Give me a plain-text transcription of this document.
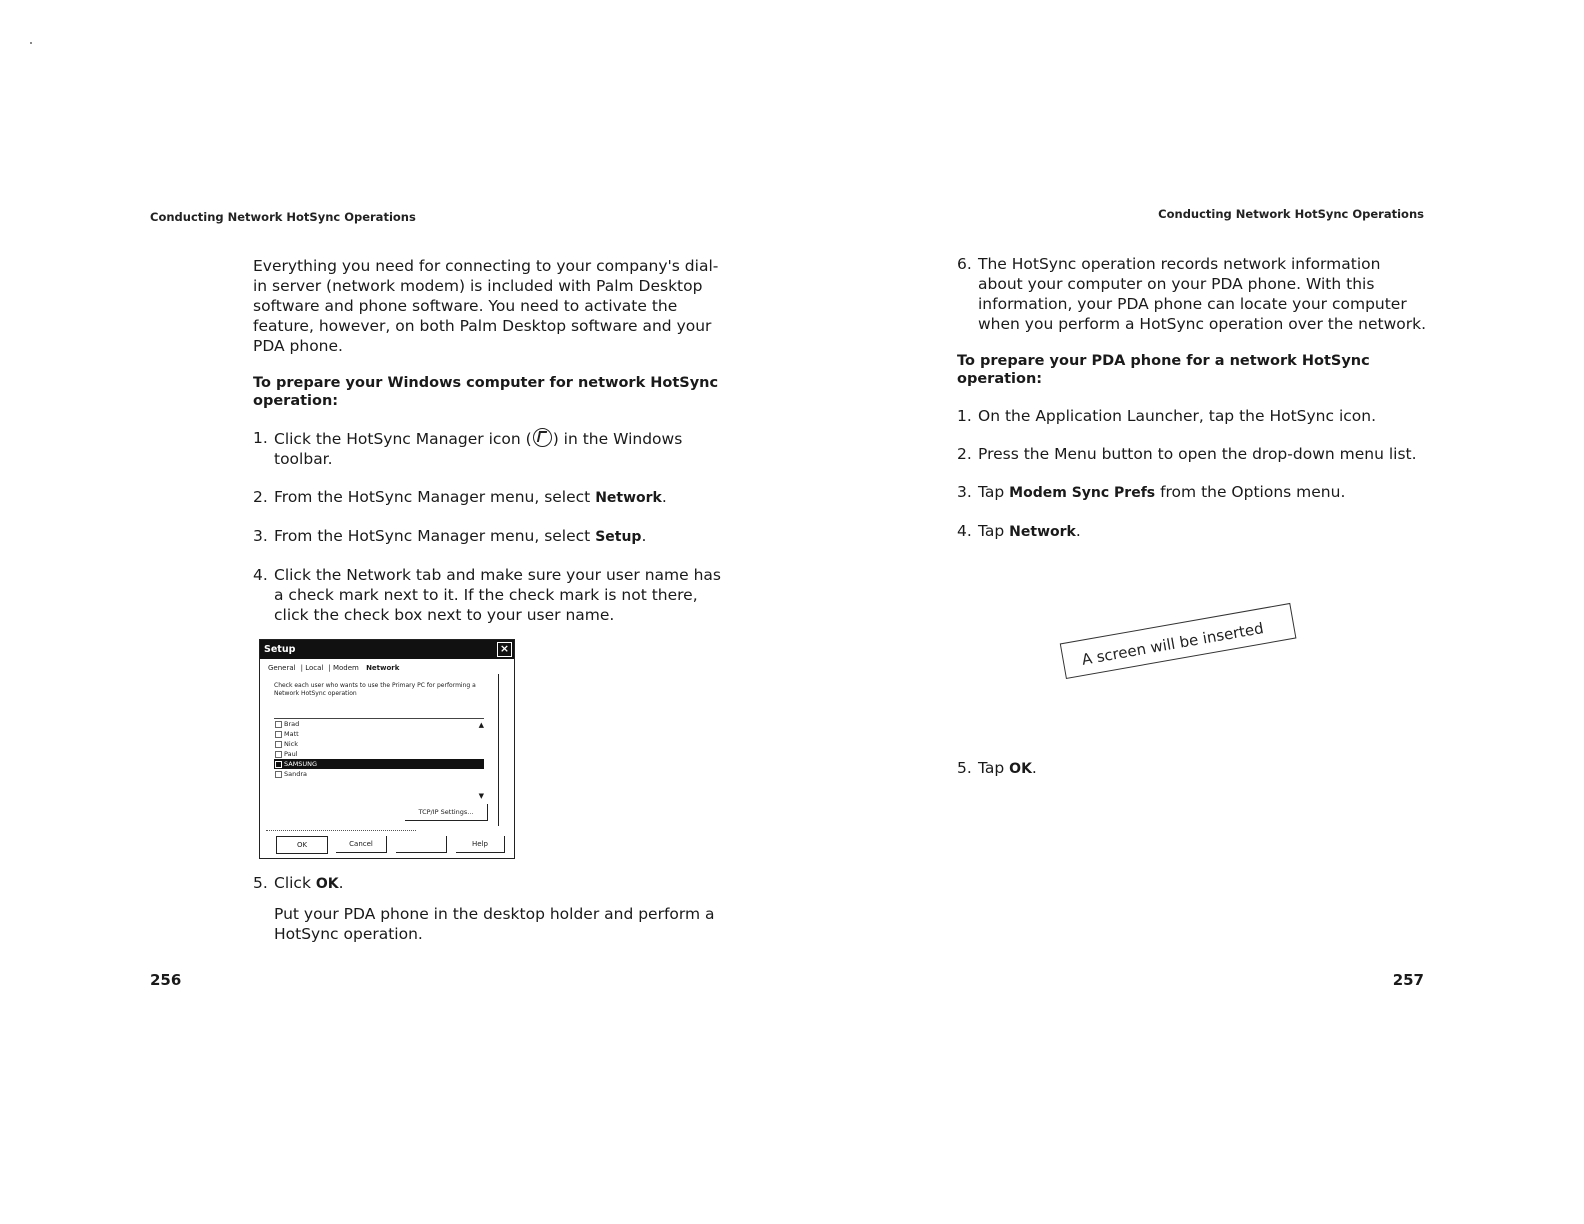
Conducting Network HotSync Operations	Conducting Network HotSync Operations

Everything you need for connecting to your company's dial-in server (network modem) is included with Palm Desktop software and phone software. You need to activate the feature, however, on both Palm Desktop software and your PDA phone.

To prepare your Windows computer for network HotSync operation:

1. Click the HotSync Manager icon ( ) in the Windows toolbar.
2. From the HotSync Manager menu, select Network.
3. From the HotSync Manager menu, select Setup.
4. Click the Network tab and make sure your user name has a check mark next to it. If the check mark is not there, click the check box next to your user name.
Setup	×
General | Local | Modem Network
Check each user who wants to use the Primary PC for performing a Network HotSync operation
Brad
Matt
Nick
Paul
SAMSUNG
Sandra
▲
▼
TCP/IP Settings...
OK	Cancel	Help
5. Click OK.

Put your PDA phone in the desktop holder and perform a HotSync operation.

6. The HotSync operation records network information about your computer on your PDA phone. With this information, your PDA phone can locate your computer when you perform a HotSync operation over the network.

To prepare your PDA phone for a network HotSync operation:

1. On the Application Launcher, tap the HotSync icon.
2. Press the Menu button to open the drop-down menu list.
3. Tap Modem Sync Prefs from the Options menu.
4. Tap Network.
5. Tap OK.
A screen will be inserted
256	257
